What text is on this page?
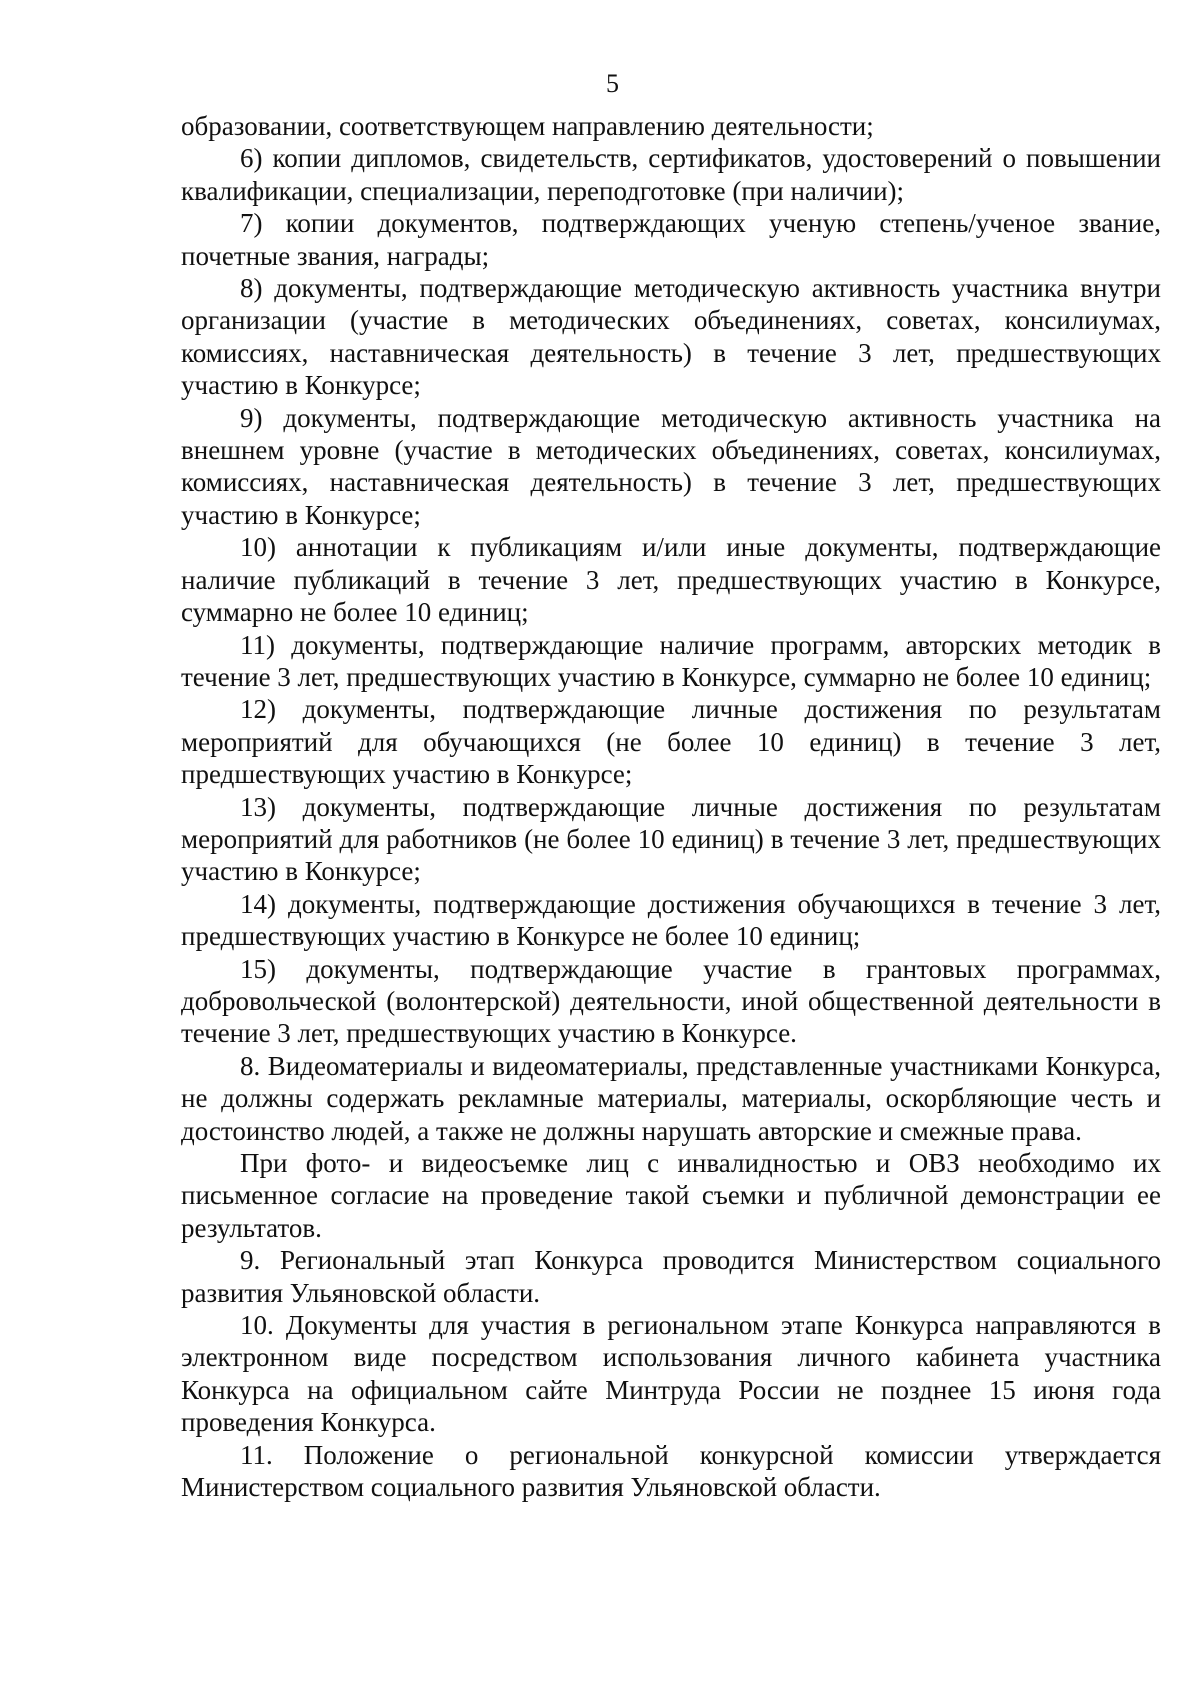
5

образовании, соответствующем направлению деятельности;

6) копии дипломов, свидетельств, сертификатов, удостоверений о повышении квалификации, специализации, переподготовке (при наличии);

7) копии документов, подтверждающих ученую степень/ученое звание, почетные звания, награды;

8) документы, подтверждающие методическую активность участника внутри организации (участие в методических объединениях, советах, консилиумах, комиссиях, наставническая деятельность) в течение 3 лет, предшествующих участию в Конкурсе;

9) документы, подтверждающие методическую активность участника на внешнем уровне (участие в методических объединениях, советах, консилиумах, комиссиях, наставническая деятельность) в течение 3 лет, предшествующих участию в Конкурсе;

10) аннотации к публикациям и/или иные документы, подтверждающие наличие публикаций в течение 3 лет, предшествующих участию в Конкурсе, суммарно не более 10 единиц;

11) документы, подтверждающие наличие программ, авторских методик в течение 3 лет, предшествующих участию в Конкурсе, суммарно не более 10 единиц;

12) документы, подтверждающие личные достижения по результатам мероприятий для обучающихся (не более 10 единиц) в течение 3 лет, предшествующих участию в Конкурсе;

13) документы, подтверждающие личные достижения по результатам мероприятий для работников (не более 10 единиц) в течение 3 лет, предшествующих участию в Конкурсе;

14) документы, подтверждающие достижения обучающихся в течение 3 лет, предшествующих участию в Конкурсе не более 10 единиц;

15) документы, подтверждающие участие в грантовых программах, добровольческой (волонтерской) деятельности, иной общественной деятельности в течение 3 лет, предшествующих участию в Конкурсе.

8. Видеоматериалы и видеоматериалы, представленные участниками Конкурса, не должны содержать рекламные материалы, материалы, оскорбляющие честь и достоинство людей, а также не должны нарушать авторские и смежные права.

При фото- и видеосъемке лиц с инвалидностью и ОВЗ необходимо их письменное согласие на проведение такой съемки и публичной демонстрации ее результатов.

9. Региональный этап Конкурса проводится Министерством социального развития Ульяновской области.

10. Документы для участия в региональном этапе Конкурса направляются в электронном виде посредством использования личного кабинета участника Конкурса на официальном сайте Минтруда России не позднее 15 июня года проведения Конкурса.

11. Положение о региональной конкурсной комиссии утверждается Министерством социального развития Ульяновской области.
